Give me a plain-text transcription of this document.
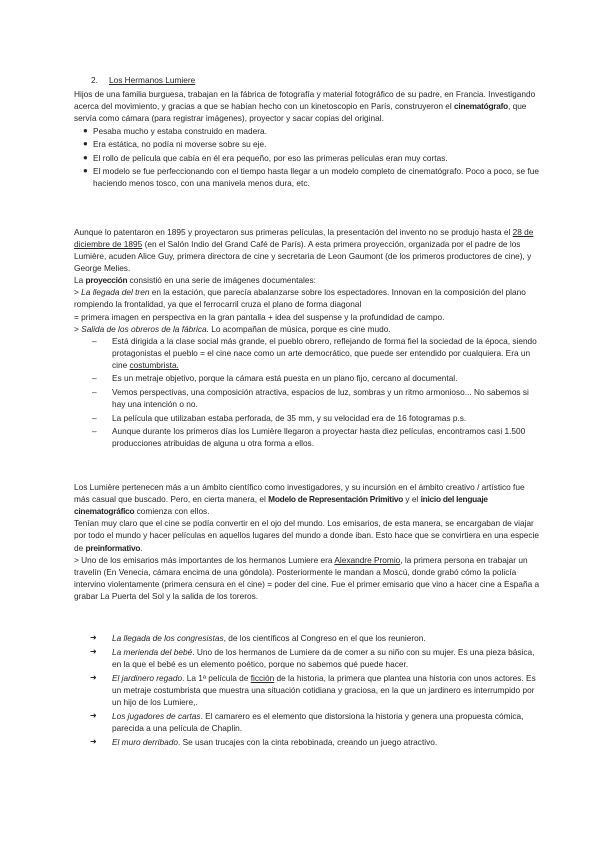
2. Los Hermanos Lumiere

Hijos de una familia burguesa, trabajan en la fábrica de fotografía y material fotográfico de su padre, en Francia. Investigando acerca del movimiento, y gracias a que se habían hecho con un kinetoscopio en París, construyeron el cinematógrafo, que servía como cámara (para registrar imágenes), proyector y sacar copias del original.

● Pesaba mucho y estaba construido en madera.
● Era estática, no podía ni moverse sobre su eje.
● El rollo de película que cabía en él era pequeño, por eso las primeras películas eran muy cortas.
● El modelo se fue perfeccionando con el tiempo hasta llegar a un modelo completo de cinematógrafo. Poco a poco, se fue haciendo menos tosco, con una manivela menos dura, etc.

Aunque lo patentaron en 1895 y proyectaron sus primeras películas, la presentación del invento no se produjo hasta el 28 de diciembre de 1895 (en el Salón Indio del Grand Café de París). A esta primera proyección, organizada por el padre de los Lumière, acuden Alice Guy, primera directora de cine y secretaria de Leon Gaumont (de los primeros productores de cine), y George Melies.

La proyección consistió en una serie de imágenes documentales:

> La llegada del tren en la estación, que parecía abalanzarse sobre los espectadores. Innovan en la composición del plano rompiendo la frontalidad, ya que el ferrocarril cruza el plano de forma diagonal

= primera imagen en perspectiva en la gran pantalla + idea del suspense y la profundidad de campo.

> Salida de los obreros de la fábrica. Lo acompañan de música, porque es cine mudo.

– Está dirigida a la clase social más grande, el pueblo obrero, reflejando de forma fiel la sociedad de la época, siendo protagonistas el pueblo = el cine nace como un arte democrático, que puede ser entendido por cualquiera. Era un cine costumbrista.
– Es un metraje objetivo, porque la cámara está puesta en un plano fijo, cercano al documental.
– Vemos perspectivas, una composición atractiva, espacios de luz, sombras y un ritmo armonioso... No sabemos si hay una intención o no.
– La película que utilizaban estaba perforada, de 35 mm, y su velocidad era de 16 fotogramas p.s.
– Aunque durante los primeros días los Lumière llegaron a proyectar hasta diez películas, encontramos casi 1.500 producciones atribuidas de alguna u otra forma a ellos.

Los Lumière pertenecen más a un ámbito científico como investigadores, y su incursión en el ámbito creativo / artístico fue más casual que buscado. Pero, en cierta manera, el Modelo de Representación Primitivo y el inicio del lenguaje cinematográfico comienza con ellos.

Tenían muy claro que el cine se podía convertir en el ojo del mundo. Los emisarios, de esta manera, se encargaban de viajar por todo el mundo y hacer películas en aquellos lugares del mundo a donde iban. Esto hace que se convirtiera en una especie de preinformativo.

> Uno de los emisarios más importantes de los hermanos Lumiere era Alexandre Promio, la primera persona en trabajar un travelín (En Venecia, cámara encima de una góndola). Posteriormente le mandan a Moscú, donde grabó cómo la policía intervino violentamente (primera censura en el cine) = poder del cine. Fue el primer emisario que vino a hacer cine a España a grabar La Puerta del Sol y la salida de los toreros.

➜ La llegada de los congresistas, de los científicos al Congreso en el que los reunieron.
➜ La merienda del bebé. Uno de los hermanos de Lumiere da de comer a su niño con su mujer. Es una pieza básica, en la que el bebé es un elemento poético, porque no sabemos qué puede hacer.
➜ El jardinero regado. La 1ª película de ficción de la historia, la primera que plantea una historia con unos actores. Es un metraje costumbrista que muestra una situación cotidiana y graciosa, en la que un jardinero es interrumpido por un hijo de los Lumiere,.
➜ Los jugadores de cartas. El camarero es el elemento que distorsiona la historia y genera una propuesta cómica, parecida a una película de Chaplin.
➜ El muro derribado. Se usan trucajes con la cinta rebobinada, creando un juego atractivo.
